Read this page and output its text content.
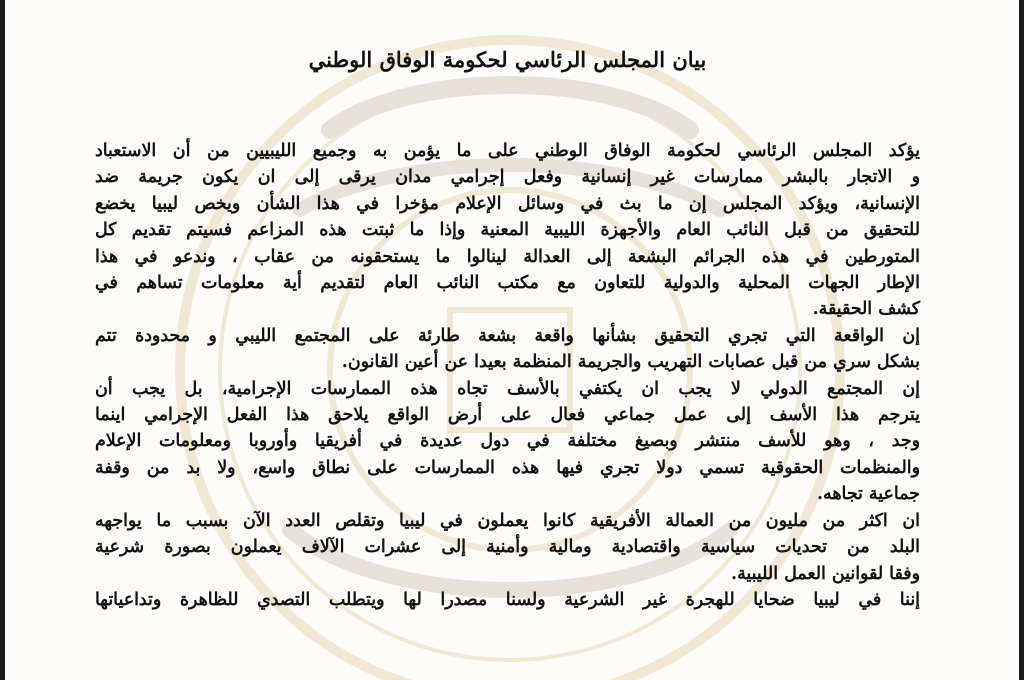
بيان المجلس الرئاسي لحكومة الوفاق الوطني
يؤكد المجلس الرئاسي لحكومة الوفاق الوطني على ما يؤمن به وجميع الليبيين من أن الاستعباد
و الاتجار بالبشر ممارسات غير إنسانية وفعل إجرامي مدان يرقى إلى ان يكون جريمة ضد
الإنسانية، ويؤكد المجلس إن ما بث في وسائل الإعلام مؤخرا في هذا الشأن ويخص ليبيا يخضع
للتحقيق من قبل النائب العام والأجهزة الليبية المعنية وإذا ما ثبتت هذه المزاعم فسيتم تقديم كل
المتورطين في هذه الجرائم البشعة إلى العدالة لينالوا ما يستحقونه من عقاب ، وندعو في هذا
الإطار الجهات المحلية والدولية للتعاون مع مكتب النائب العام لتقديم أية معلومات تساهم في
كشف الحقيقة.
إن الواقعة التي تجري التحقيق بشأنها واقعة بشعة طارئة على المجتمع الليبي و محدودة تتم
بشكل سري من قبل عصابات التهريب والجريمة المنظمة بعيدا عن أعين القانون.
إن المجتمع الدولي لا يجب ان يكتفي بالأسف تجاه هذه الممارسات الإجرامية، بل يجب أن
يترجم هذا الأسف إلى عمل جماعي فعال على أرض الواقع يلاحق هذا الفعل الإجرامي اينما
وجد ، وهو للأسف منتشر وبصيغ مختلفة في دول عديدة في أفريقيا وأوروبا ومعلومات الإعلام
والمنظمات الحقوقية تسمي دولا تجري فيها هذه الممارسات على نطاق واسع، ولا بد من وقفة
جماعية تجاهه.
ان اكثر من مليون من العمالة الأفريقية كانوا يعملون في ليبيا وتقلص العدد الآن بسبب ما يواجهه
البلد من تحديات سياسية واقتصادية ومالية وأمنية إلى عشرات الآلاف يعملون بصورة شرعية
وفقا لقوانين العمل الليبية.
إننا في ليبيا ضحايا للهجرة غير الشرعية ولسنا مصدرا لها ويتطلب التصدي للظاهرة وتداعياتها
